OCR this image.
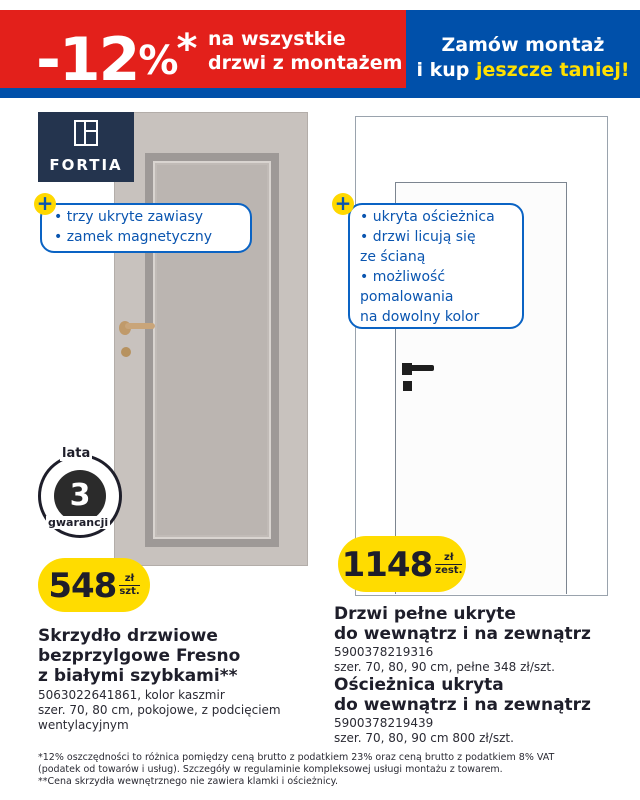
-12%* na wszystkie
drzwi z montażem
Zamów montaż
i kup jeszcze taniej!
FORTIA
• trzy ukryte zawiasy
• zamek magnetyczny
+
• ukryta ościeżnica
• drzwi licują się
ze ścianą
• możliwość
pomalowania
na dowolny kolor
+
3
lata
gwarancji
548 zł
szt.
1148	zł
zest.
Skrzydło drzwiowe
bezprzylgowe Fresno
z białymi szybkami**
5063022641861, kolor kaszmir
szer. 70, 80 cm, pokojowe, z podcięciem
wentylacyjnym
Drzwi pełne ukryte
do wewnątrz i na zewnątrz
5900378219316
szer. 70, 80, 90 cm, pełne 348 zł/szt.
Ościeżnica ukryta
do wewnątrz i na zewnątrz
5900378219439
szer. 70, 80, 90 cm 800 zł/szt.
*12% oszczędności to różnica pomiędzy ceną brutto z podatkiem 23% oraz ceną brutto z podatkiem 8% VAT
(podatek od towarów i usług). Szczegóły w regulaminie kompleksowej usługi montażu z towarem.
**Cena skrzydła wewnętrznego nie zawiera klamki i ościeżnicy.
